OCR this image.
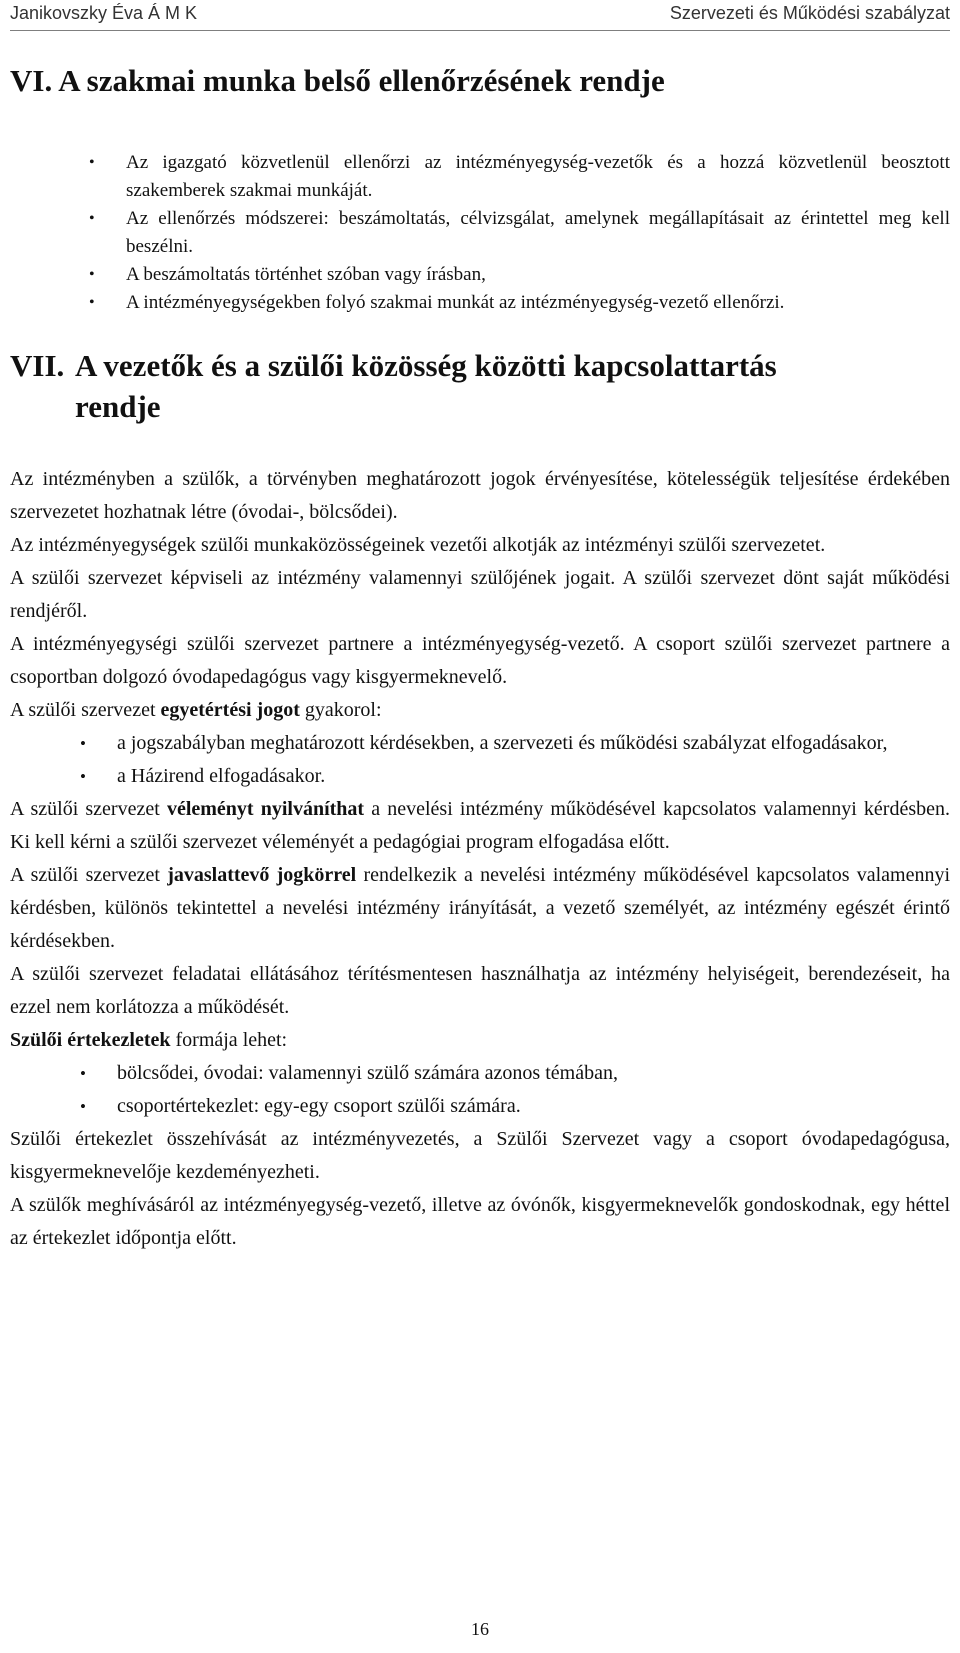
Janikovszky Éva Á M K	Szervezeti és Működési szabályzat
VI. A szakmai munka belső ellenőrzésének rendje
• Az igazgató közvetlenül ellenőrzi az intézményegység-vezetők és a hozzá közvetlenül beosztott szakemberek szakmai munkáját.
• Az ellenőrzés módszerei: beszámoltatás, célvizsgálat, amelynek megállapításait az érintettel meg kell beszélni.
• A beszámoltatás történhet szóban vagy írásban,
• A intézményegységekben folyó szakmai munkát az intézményegység-vezető ellenőrzi.
VII. A vezetők és a szülői közösség közötti kapcsolattartás
rendje

Az intézményben a szülők, a törvényben meghatározott jogok érvényesítése, kötelességük teljesítése érdekében szervezetet hozhatnak létre (óvodai-, bölcsődei).

Az intézményegységek szülői munkaközösségeinek vezetői alkotják az intézményi szülői szervezetet.

A szülői szervezet képviseli az intézmény valamennyi szülőjének jogait. A szülői szervezet dönt saját működési rendjéről.

A intézményegységi szülői szervezet partnere a intézményegység-vezető. A csoport szülői szervezet partnere a csoportban dolgozó óvodapedagógus vagy kisgyermeknevelő.

A szülői szervezet egyetértési jogot gyakorol:

• a jogszabályban meghatározott kérdésekben, a szervezeti és működési szabályzat elfogadásakor,
• a Házirend elfogadásakor.

A szülői szervezet véleményt nyilváníthat a nevelési intézmény működésével kapcsolatos valamennyi kérdésben. Ki kell kérni a szülői szervezet véleményét a pedagógiai program elfogadása előtt.

A szülői szervezet javaslattevő jogkörrel rendelkezik a nevelési intézmény működésével kapcsolatos valamennyi kérdésben, különös tekintettel a nevelési intézmény irányítását, a vezető személyét, az intézmény egészét érintő kérdésekben.

A szülői szervezet feladatai ellátásához térítésmentesen használhatja az intézmény helyiségeit, berendezéseit, ha ezzel nem korlátozza a működését.

Szülői értekezletek formája lehet:

• bölcsődei, óvodai: valamennyi szülő számára azonos témában,
• csoportértekezlet: egy-egy csoport szülői számára.

Szülői értekezlet összehívását az intézményvezetés, a Szülői Szervezet vagy a csoport óvodapedagógusa, kisgyermeknevelője kezdeményezheti.

A szülők meghívásáról az intézményegység-vezető, illetve az óvónők, kisgyermeknevelők gondoskodnak, egy héttel az értekezlet időpontja előtt.

16
